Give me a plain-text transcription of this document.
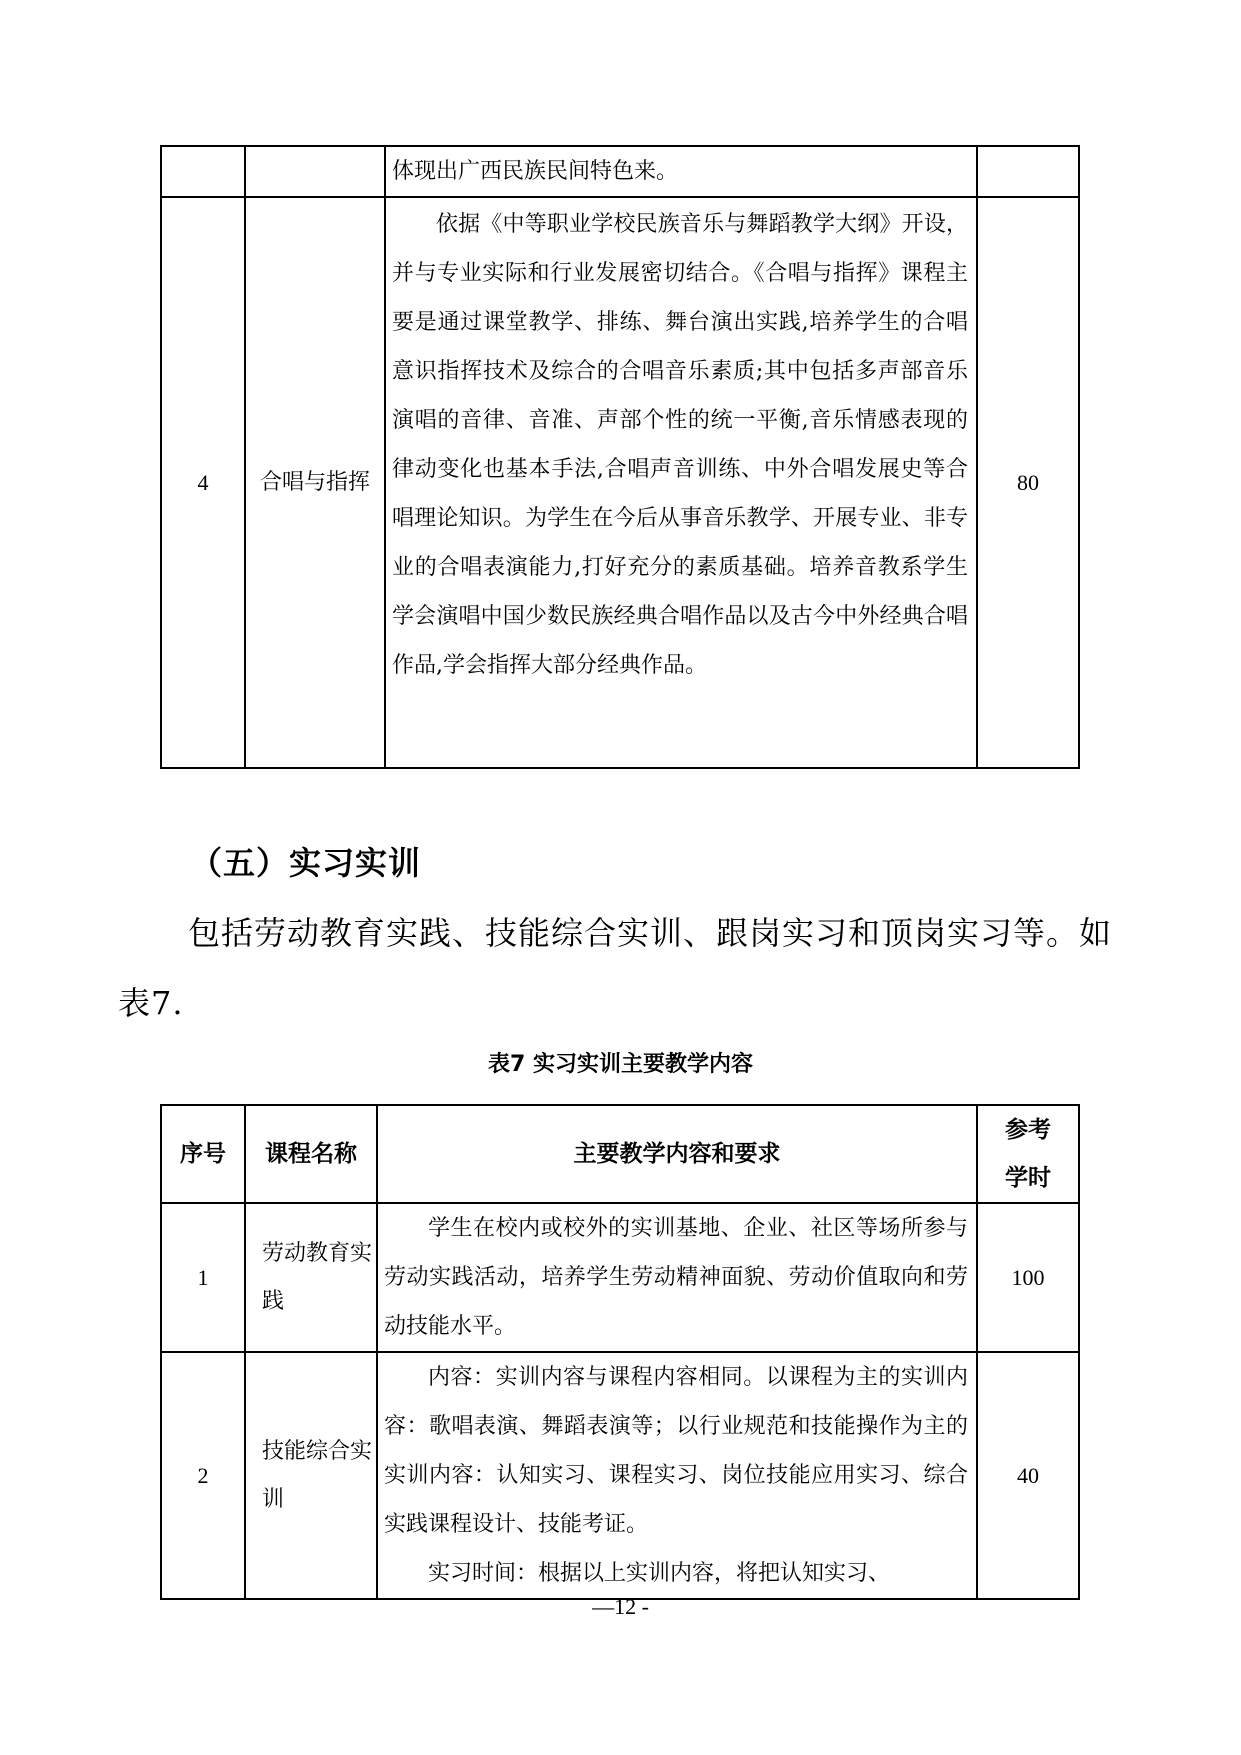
		体现出广西民族民间特色来。	

4	合唱与指挥	依据《中等职业学校民族音乐与舞蹈教学大纲》开设，并与专业实际和行业发展密切结合。《合唱与指挥》课程主要是通过课堂教学、排练、舞台演出实践,培养学生的合唱意识指挥技术及综合的合唱音乐素质;其中包括多声部音乐演唱的音律、音准、声部个性的统一平衡,音乐情感表现的律动变化也基本手法,合唱声音训练、中外合唱发展史等合唱理论知识。为学生在今后从事音乐教学、开展专业、非专业的合唱表演能力,打好充分的素质基础。培养音教系学生学会演唱中国少数民族经典合唱作品以及古今中外经典合唱作品,学会指挥大部分经典作品。	80
（五）实习实训

包括劳动教育实践、技能综合实训、跟岗实习和顶岗实习等。如表7.

表7 实习实训主要教学内容
序号	课程名称	主要教学内容和要求	参考学时
1	劳动教育实践	学生在校内或校外的实训基地、企业、社区等场所参与劳动实践活动，培养学生劳动精神面貌、劳动价值取向和劳动技能水平。	100
2	技能综合实训	内容：实训内容与课程内容相同。以课程为主的实训内容：歌唱表演、舞蹈表演等；以行业规范和技能操作为主的实训内容：认知实习、课程实习、岗位技能应用实习、综合实践课程设计、技能考证。

实习时间：根据以上实训内容，将把认知实习、	40
—12 -
